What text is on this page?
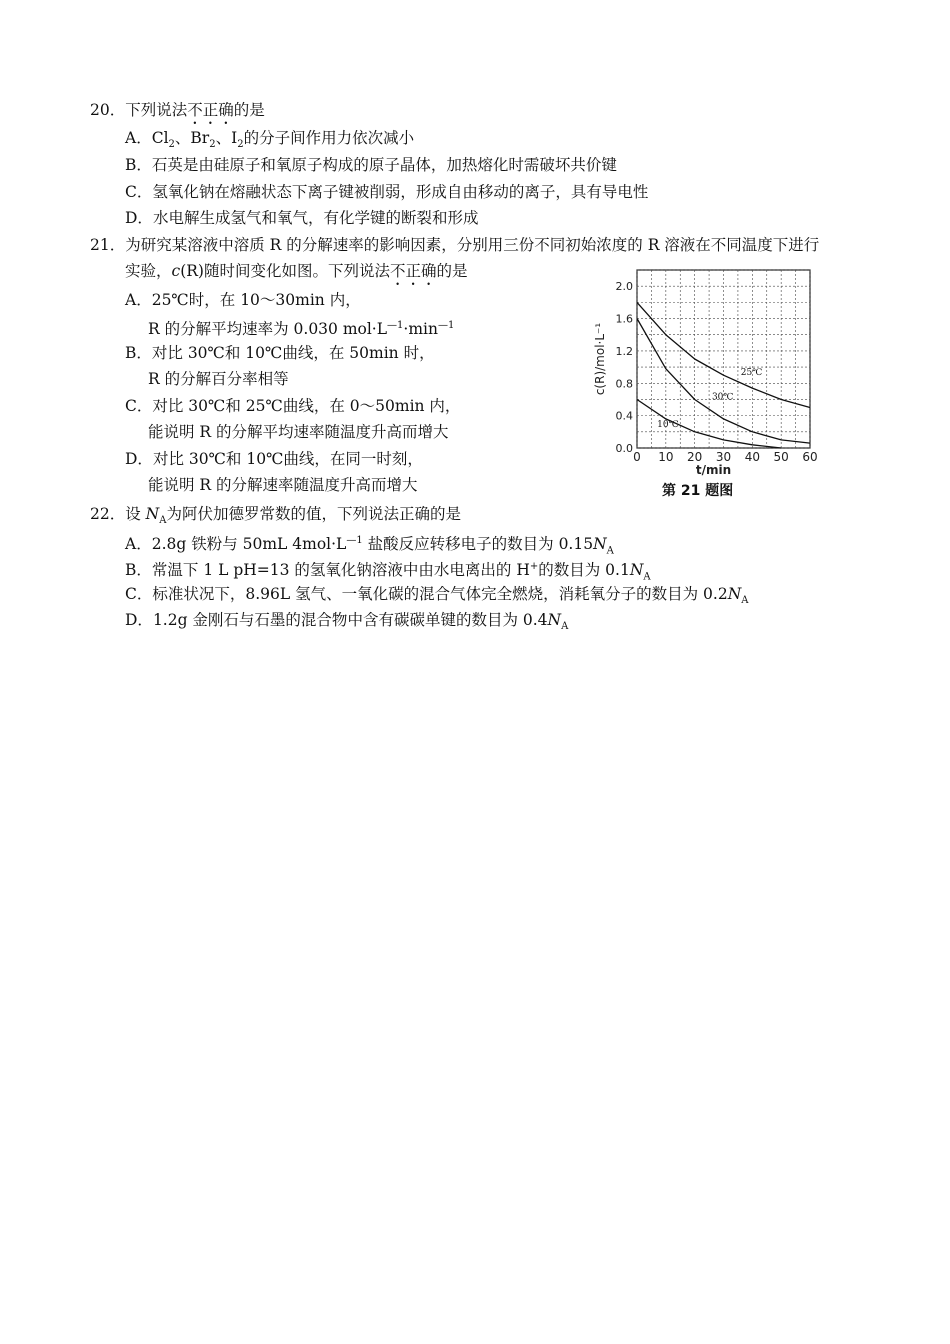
20．下列说法不正确的是
A．$Cl_2$、$Br_2$、$I_2$的分子间作用力依次减小
B．石英是由硅原子和氧原子构成的原子晶体，加热熔化时需破坏共价键
C．氢氧化钠在熔融状态下离子键被削弱，形成自由移动的离子，具有导电性
D．水电解生成氢气和氧气，有化学键的断裂和形成
21．为研究某溶液中溶质 R 的分解速率的影响因素，分别用三份不同初始浓度的 R 溶液在不同温度下进行
实验，c(R)随时间变化如图。下列说法不正确的是
A．25℃时，在 10～30min 内，
R 的分解平均速率为 0.030 $mol\cdot L^{—1}\cdot\min^{—1}$
B．对比 30℃和 10℃曲线，在 50min 时，
R 的分解百分率相等
C．对比 30℃和 25℃曲线，在 0～50min 内，
能说明 R 的分解平均速率随温度升高而增大
D．对比 30℃和 10℃曲线，在同一时刻，
能说明 R 的分解速率随温度升高而增大
0.0
0.4
0.8
1.2
1.6
2.0
0 10 20 30 40 50 60
t/min
c(R)/mol·L⁻¹	25℃
30℃
10℃
第 21 题图
22．设 $N_A$为阿伏加德罗常数的值，下列说法正确的是
A．2.8g 铁粉与 50mL $4mol\cdot L^{—1}$ 盐酸反应转移电子的数目为 $0.15N_A$
B．常温下 1 L pH=13 的氢氧化钠溶液中由水电离出的 H+的数目为 $0.1N_A$
C．标准状况下，8.96L 氢气、一氧化碳的混合气体完全燃烧，消耗氧分子的数目为 $0.2N_A$
D．1.2g 金刚石与石墨的混合物中含有碳碳单键的数目为 $0.4N_A$
